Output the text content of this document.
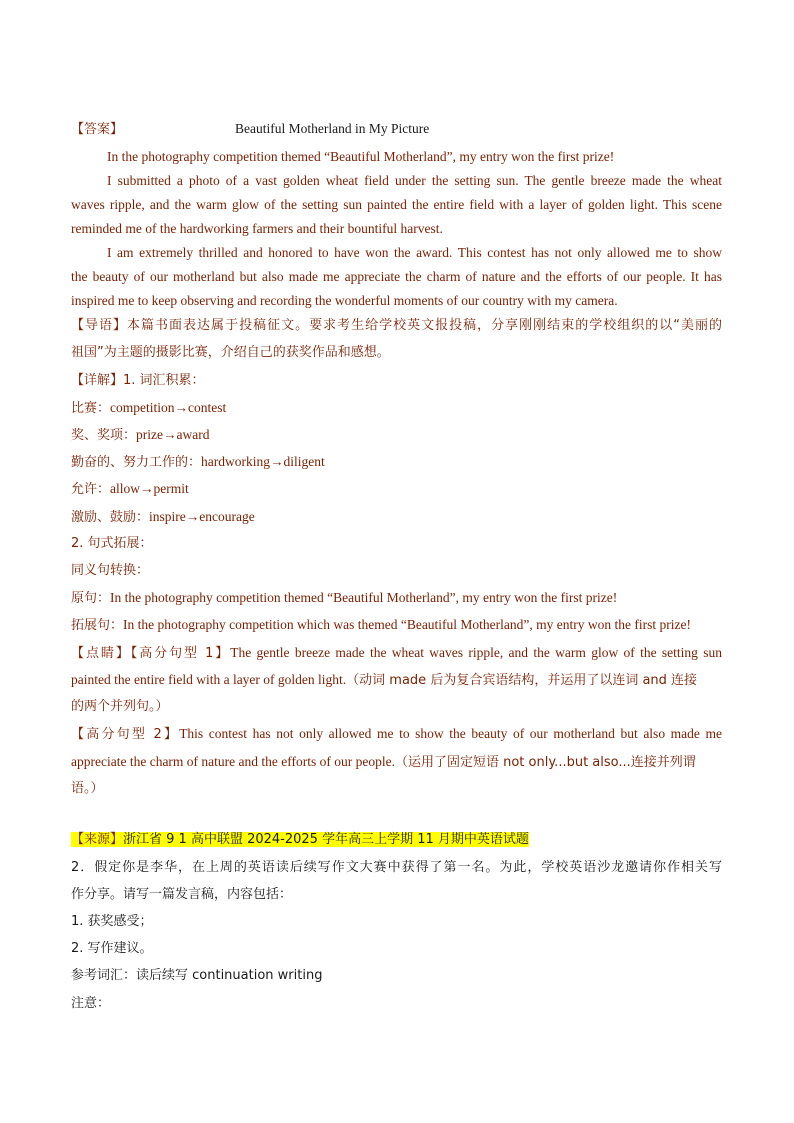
【答案】	Beautiful Motherland in My Picture
In the photography competition themed “Beautiful Motherland”, my entry won the first prize!
I submitted a photo of a vast golden wheat field under the setting sun. The gentle breeze made the wheat
waves ripple, and the warm glow of the setting sun painted the entire field with a layer of golden light. This scene
reminded me of the hardworking farmers and their bountiful harvest.
I am extremely thrilled and honored to have won the award. This contest has not only allowed me to show
the beauty of our motherland but also made me appreciate the charm of nature and the efforts of our people. It has
inspired me to keep observing and recording the wonderful moments of our country with my camera.
【导语】本篇书面表达属于投稿征文。要求考生给学校英文报投稿，分享刚刚结束的学校组织的以“美丽的
祖国”为主题的摄影比赛，介绍自己的获奖作品和感想。
【详解】1. 词汇积累：
比赛：competition→contest
奖、奖项：prize→award
勤奋的、努力工作的：hardworking→diligent
允许：allow→permit
激励、鼓励：inspire→encourage
2. 句式拓展：
同义句转换：
原句：In the photography competition themed “Beautiful Motherland”, my entry won the first prize!
拓展句：In the photography competition which was themed “Beautiful Motherland”, my entry won the first prize!
【点睛】【高分句型 1】The gentle breeze made the wheat waves ripple, and the warm glow of the setting sun
painted the entire field with a layer of golden light.（动词 made 后为复合宾语结构，并运用了以连词 and 连接
的两个并列句。）
【高分句型 2】This contest has not only allowed me to show the beauty of our motherland but also made me
appreciate the charm of nature and the efforts of our people.（运用了固定短语 not only...but also...连接并列谓
语。）
【来源】浙江省 9 1 高中联盟 2024-2025 学年高三上学期 11 月期中英语试题
2．假定你是李华，在上周的英语读后续写作文大赛中获得了第一名。为此，学校英语沙龙邀请你作相关写
作分享。请写一篇发言稿，内容包括：
1. 获奖感受；
2. 写作建议。
参考词汇：读后续写 continuation writing
注意：
